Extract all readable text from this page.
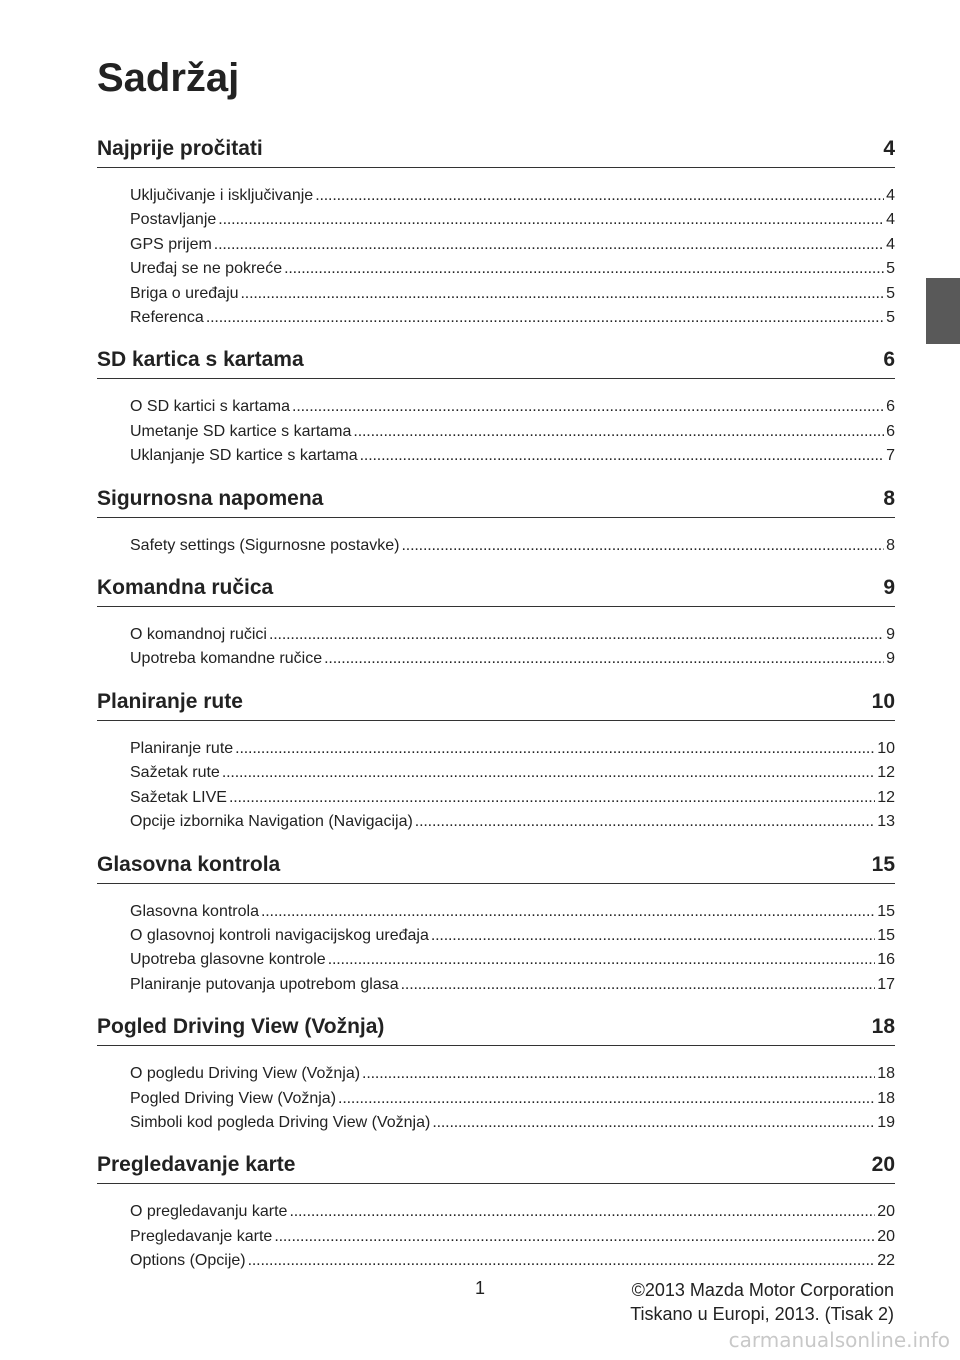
Sadržaj
Najprije pročitati	4
Uključivanje i isključivanje . . .	4
Postavljanje . . .	4
GPS prijem . . .	4
Uređaj se ne pokreće . . .	5
Briga o uređaju . . .	5
Referenca . . .	5
SD kartica s kartama	6
O SD kartici s kartama . . .	6
Umetanje SD kartice s kartama . . .	6
Uklanjanje SD kartice s kartama . . .	7
Sigurnosna napomena	8
Safety settings (Sigurnosne postavke) . . .	8
Komandna ručica	9
O komandnoj ručici . . .	9
Upotreba komandne ručice . . .	9
Planiranje rute	10
Planiranje rute . . .	10
Sažetak rute . . .	12
Sažetak LIVE . . .	12
Opcije izbornika Navigation (Navigacija) . . .	13
Glasovna kontrola	15
Glasovna kontrola . . .	15
O glasovnoj kontroli navigacijskog uređaja . . .	15
Upotreba glasovne kontrole . . .	16
Planiranje putovanja upotrebom glasa . . .	17
Pogled Driving View (Vožnja)	18
O pogledu Driving View (Vožnja) . . .	18
Pogled Driving View (Vožnja) . . .	18
Simboli kod pogleda Driving View (Vožnja) . . .	19
Pregledavanje karte	20
O pregledavanju karte . . .	20
Pregledavanje karte . . .	20
Options (Opcije) . . .	22
1	©2013 Mazda Motor Corporation
Tiskano u Europi, 2013. (Tisak 2)
carmanualsonline.info
